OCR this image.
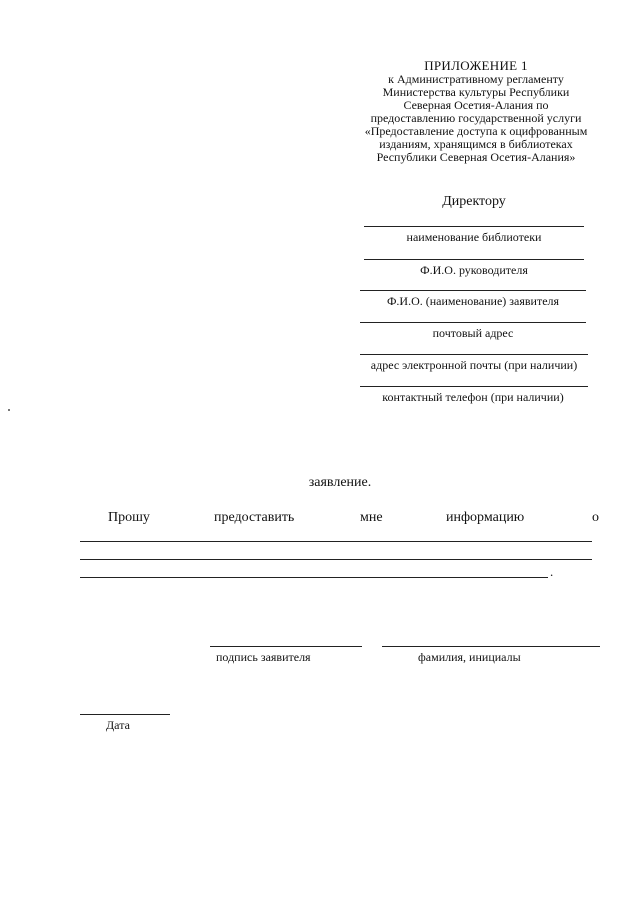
ПРИЛОЖЕНИЕ 1
к Административному регламенту
Министерства культуры Республики
Северная Осетия-Алания по
предоставлению государственной услуги
«Предоставление доступа к оцифрованным
изданиям, хранящимся в библиотеках
Республики Северная Осетия-Алания»
Директору
наименование библиотеки
Ф.И.О. руководителя
Ф.И.О. (наименование) заявителя
почтовый адрес
адрес электронной почты (при наличии)
контактный телефон (при наличии)
заявление.
Прошу	предоставить	мне	информацию	о
.
подпись заявителя	фамилия, инициалы
Дата
